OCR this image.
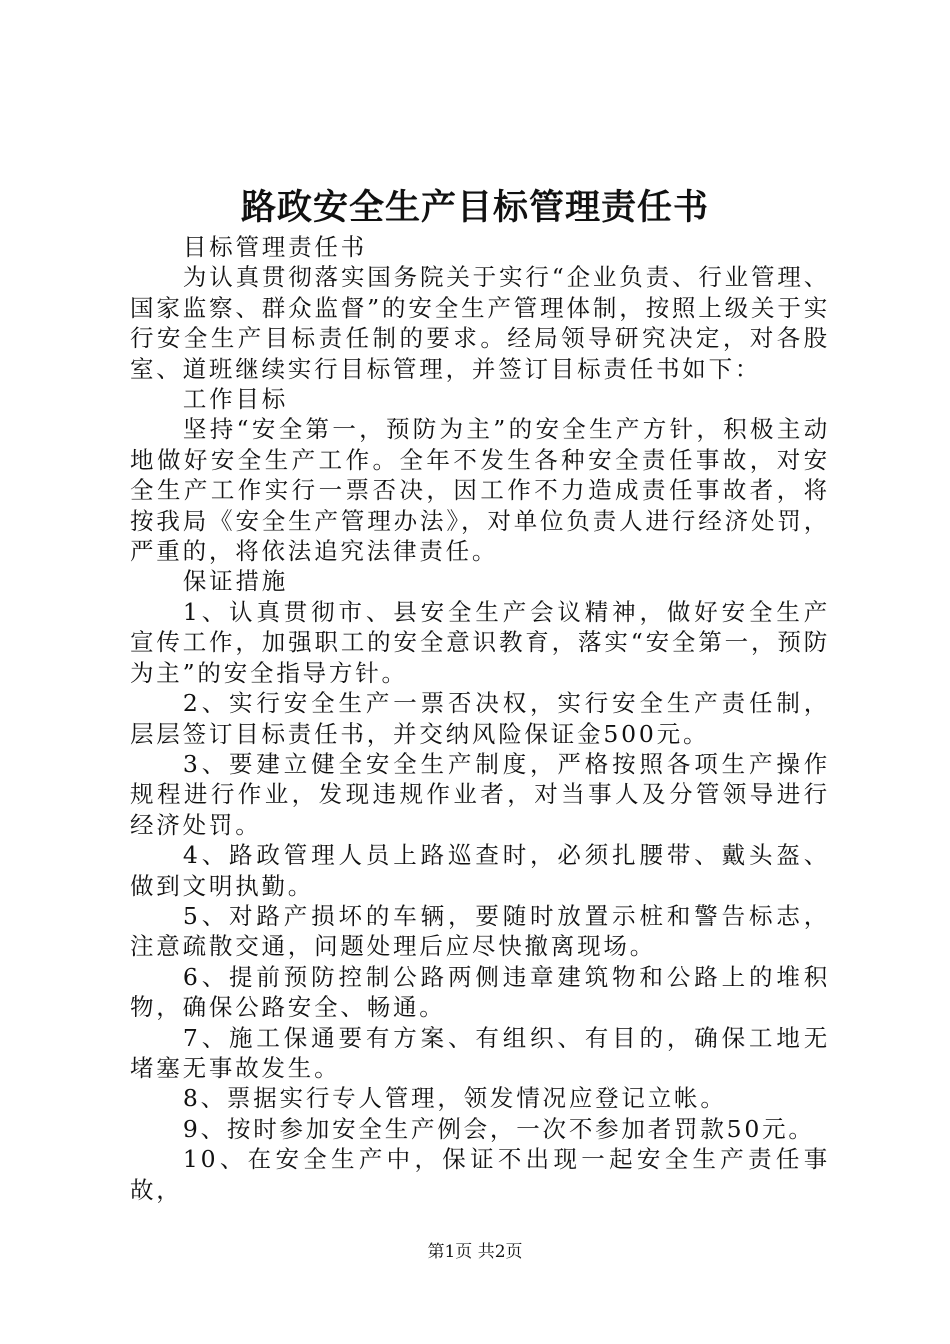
路政安全生产目标管理责任书

目标管理责任书

为认真贯彻落实国务院关于实行“企业负责、行业管理、国家监察、群众监督”的安全生产管理体制，按照上级关于实行安全生产目标责任制的要求。经局领导研究决定，对各股室、道班继续实行目标管理，并签订目标责任书如下：

工作目标

坚持“安全第一，预防为主”的安全生产方针，积极主动地做好安全生产工作。全年不发生各种安全责任事故，对安全生产工作实行一票否决，因工作不力造成责任事故者，将按我局《安全生产管理办法》，对单位负责人进行经济处罚，严重的，将依法追究法律责任。

保证措施

1、认真贯彻市、县安全生产会议精神，做好安全生产宣传工作，加强职工的安全意识教育，落实“安全第一，预防为主”的安全指导方针。

2、实行安全生产一票否决权，实行安全生产责任制，层层签订目标责任书，并交纳风险保证金500元。

3、要建立健全安全生产制度，严格按照各项生产操作规程进行作业，发现违规作业者，对当事人及分管领导进行经济处罚。

4、路政管理人员上路巡查时，必须扎腰带、戴头盔、做到文明执勤。

5、对路产损坏的车辆，要随时放置示桩和警告标志，注意疏散交通，问题处理后应尽快撤离现场。

6、提前预防控制公路两侧违章建筑物和公路上的堆积物，确保公路安全、畅通。

7、施工保通要有方案、有组织、有目的，确保工地无堵塞无事故发生。

8、票据实行专人管理，领发情况应登记立帐。

9、按时参加安全生产例会，一次不参加者罚款50元。

10、在安全生产中，保证不出现一起安全生产责任事故，

第1页 共2页
